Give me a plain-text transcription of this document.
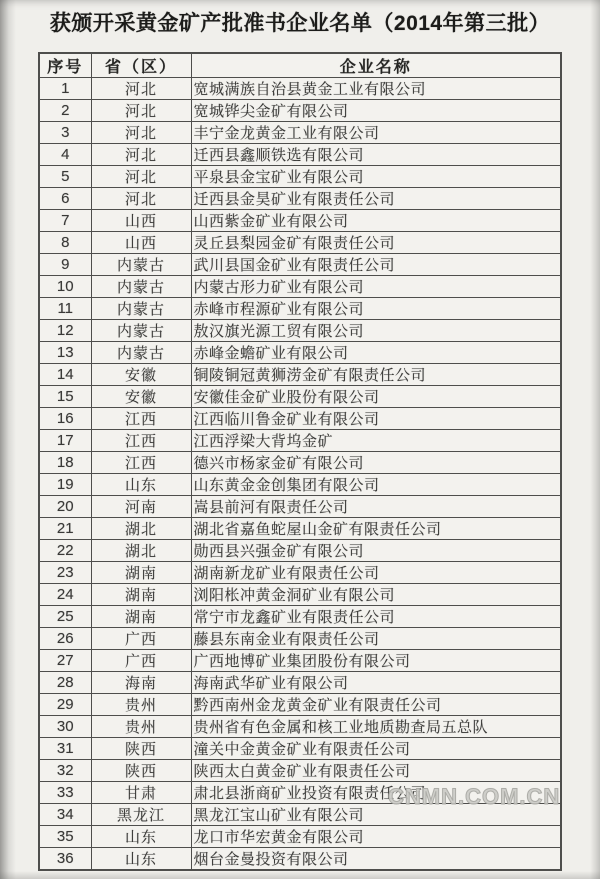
获颁开采黄金矿产批准书企业名单（2014年第三批）
序号	省（区）	企业名称
1	河北	宽城满族自治县黄金工业有限公司
2	河北	宽城铧尖金矿有限公司
3	河北	丰宁金龙黄金工业有限公司
4	河北	迁西县鑫顺铁选有限公司
5	河北	平泉县金宝矿业有限公司
6	河北	迁西县金昊矿业有限责任公司
7	山西	山西紫金矿业有限公司
8	山西	灵丘县梨园金矿有限责任公司
9	内蒙古	武川县国金矿业有限责任公司
10	内蒙古	内蒙古形力矿业有限公司
11	内蒙古	赤峰市程源矿业有限公司
12	内蒙古	敖汉旗光源工贸有限公司
13	内蒙古	赤峰金蟾矿业有限公司
14	安徽	铜陵铜冠黄狮涝金矿有限责任公司
15	安徽	安徽佳金矿业股份有限公司
16	江西	江西临川鲁金矿业有限公司
17	江西	江西浮梁大背坞金矿
18	江西	德兴市杨家金矿有限公司
19	山东	山东黄金金创集团有限公司
20	河南	嵩县前河有限责任公司
21	湖北	湖北省嘉鱼蛇屋山金矿有限责任公司
22	湖北	勋西县兴强金矿有限公司
23	湖南	湖南新龙矿业有限责任公司
24	湖南	浏阳枨冲黄金洞矿业有限公司
25	湖南	常宁市龙鑫矿业有限责任公司
26	广西	藤县东南金业有限责任公司
27	广西	广西地博矿业集团股份有限公司
28	海南	海南武华矿业有限公司
29	贵州	黔西南州金龙黄金矿业有限责任公司
30	贵州	贵州省有色金属和核工业地质勘查局五总队
31	陕西	潼关中金黄金矿业有限责任公司
32	陕西	陕西太白黄金矿业有限责任公司
33	甘肃	肃北县浙商矿业投资有限责任公司
34	黑龙江	黑龙江宝山矿业有限公司
35	山东	龙口市华宏黄金有限公司
36	山东	烟台金曼投资有限公司
CNMN.COM.CN
